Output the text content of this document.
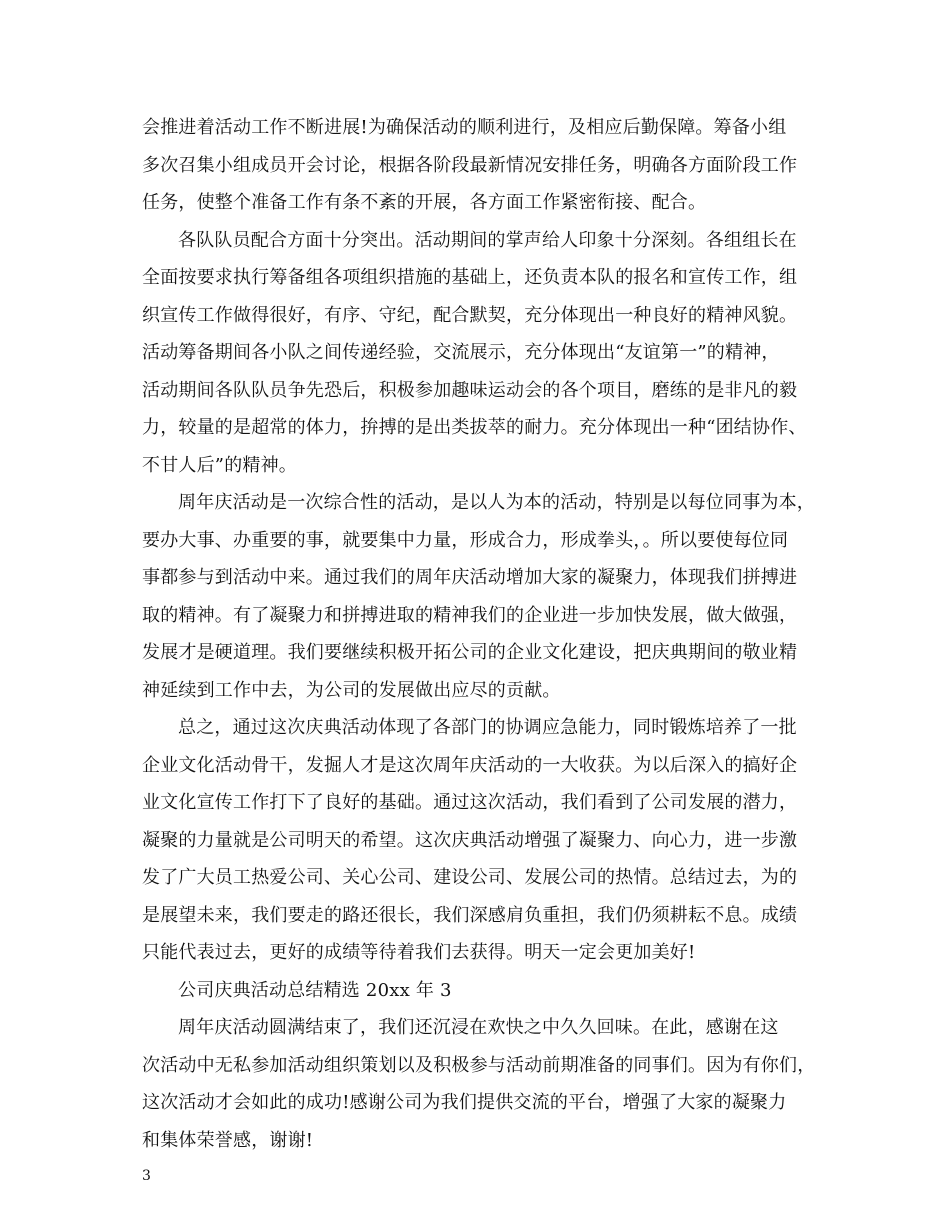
会推进着活动工作不断进展!为确保活动的顺利进行，及相应后勤保障。筹备小组
多次召集小组成员开会讨论，根据各阶段最新情况安排任务，明确各方面阶段工作
任务，使整个准备工作有条不紊的开展，各方面工作紧密衔接、配合。
各队队员配合方面十分突出。活动期间的掌声给人印象十分深刻。各组组长在
全面按要求执行筹备组各项组织措施的基础上，还负责本队的报名和宣传工作，组
织宣传工作做得很好，有序、守纪，配合默契，充分体现出一种良好的精神风貌。
活动筹备期间各小队之间传递经验，交流展示，充分体现出“友谊第一”的精神，
活动期间各队队员争先恐后，积极参加趣味运动会的各个项目，磨练的是非凡的毅
力，较量的是超常的体力，拚搏的是出类拔萃的耐力。充分体现出一种“团结协作、
不甘人后”的精神。
周年庆活动是一次综合性的活动，是以人为本的活动，特别是以每位同事为本，
要办大事、办重要的事，就要集中力量，形成合力，形成拳头，。所以要使每位同
事都参与到活动中来。通过我们的周年庆活动增加大家的凝聚力，体现我们拼搏进
取的精神。有了凝聚力和拼搏进取的精神我们的企业进一步加快发展，做大做强，
发展才是硬道理。我们要继续积极开拓公司的企业文化建设，把庆典期间的敬业精
神延续到工作中去，为公司的发展做出应尽的贡献。
总之，通过这次庆典活动体现了各部门的协调应急能力，同时锻炼培养了一批
企业文化活动骨干，发掘人才是这次周年庆活动的一大收获。为以后深入的搞好企
业文化宣传工作打下了良好的基础。通过这次活动，我们看到了公司发展的潜力，
凝聚的力量就是公司明天的希望。这次庆典活动增强了凝聚力、向心力，进一步激
发了广大员工热爱公司、关心公司、建设公司、发展公司的热情。总结过去，为的
是展望未来，我们要走的路还很长，我们深感肩负重担，我们仍须耕耘不息。成绩
只能代表过去，更好的成绩等待着我们去获得。明天一定会更加美好!
公司庆典活动总结精选 20xx 年 3
周年庆活动圆满结束了，我们还沉浸在欢快之中久久回味。在此，感谢在这
次活动中无私参加活动组织策划以及积极参与活动前期准备的同事们。因为有你们，
这次活动才会如此的成功!感谢公司为我们提供交流的平台，增强了大家的凝聚力
和集体荣誉感，谢谢!
3
